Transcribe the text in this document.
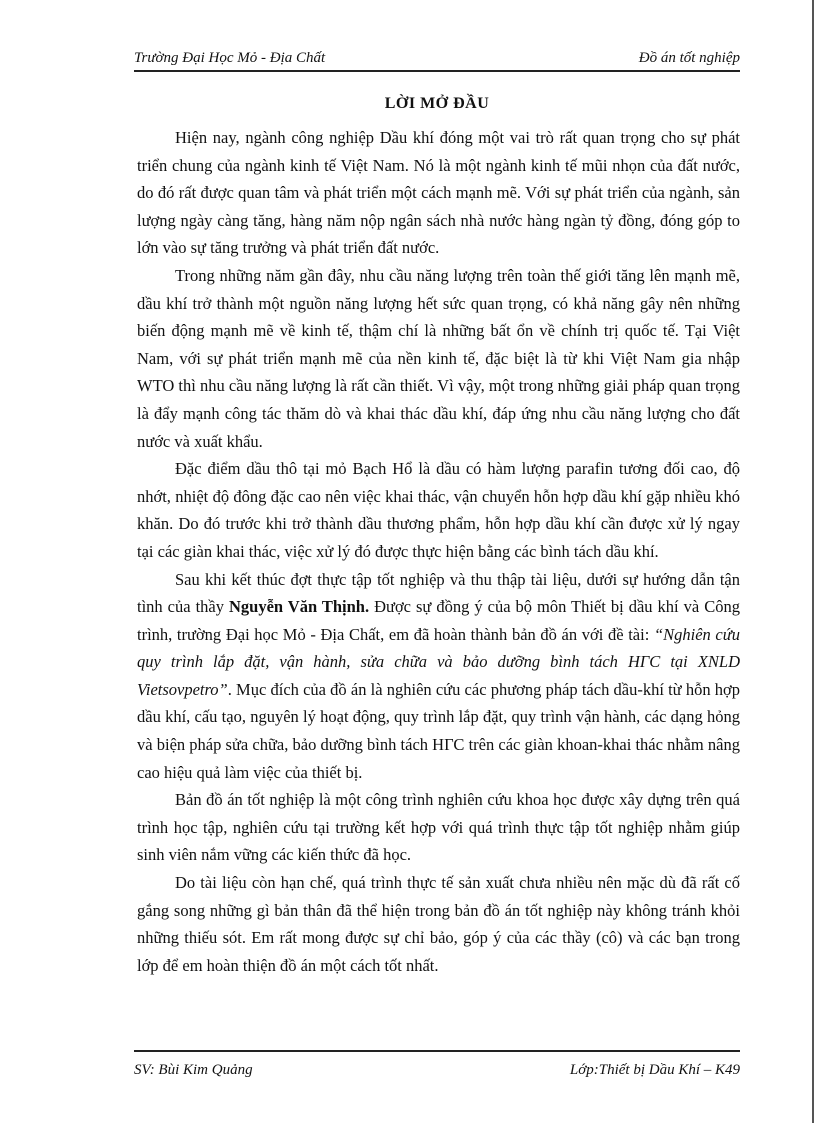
Trường Đại Học Mỏ - Địa Chất	Đồ án tốt nghiệp
LỜI MỞ ĐẦU

Hiện nay, ngành công nghiệp Dầu khí đóng một vai trò rất quan trọng cho sự phát triển chung của ngành kinh tế Việt Nam. Nó là một ngành kinh tế mũi nhọn của đất nước, do đó rất được quan tâm và phát triển một cách mạnh mẽ. Với sự phát triển của ngành, sản lượng ngày càng tăng, hàng năm nộp ngân sách nhà nước hàng ngàn tỷ đồng, đóng góp to lớn vào sự tăng trưởng và phát triển đất nước.

Trong những năm gần đây, nhu cầu năng lượng trên toàn thế giới tăng lên mạnh mẽ, dầu khí trở thành một nguồn năng lượng hết sức quan trọng, có khả năng gây nên những biến động mạnh mẽ về kinh tế, thậm chí là những bất ổn về chính trị quốc tế. Tại Việt Nam, với sự phát triển mạnh mẽ của nền kinh tế, đặc biệt là từ khi Việt Nam gia nhập WTO thì nhu cầu năng lượng là rất cần thiết. Vì vậy, một trong những giải pháp quan trọng là đẩy mạnh công tác thăm dò và khai thác dầu khí, đáp ứng nhu cầu năng lượng cho đất nước và xuất khẩu.

Đặc điểm dầu thô tại mỏ Bạch Hổ là dầu có hàm lượng parafin tương đối cao, độ nhớt, nhiệt độ đông đặc cao nên việc khai thác, vận chuyển hỗn hợp dầu khí gặp nhiều khó khăn. Do đó trước khi trở thành dầu thương phẩm, hỗn hợp dầu khí cần được xử lý ngay tại các giàn khai thác, việc xử lý đó được thực hiện bằng các bình tách dầu khí.

Sau khi kết thúc đợt thực tập tốt nghiệp và thu thập tài liệu, dưới sự hướng dẫn tận tình của thầy Nguyễn Văn Thịnh. Được sự đồng ý của bộ môn Thiết bị dầu khí và Công trình, trường Đại học Mỏ - Địa Chất, em đã hoàn thành bản đồ án với đề tài: “Nghiên cứu quy trình lắp đặt, vận hành, sửa chữa và bảo dưỡng bình tách НГС tại XNLD Vietsovpetro”. Mục đích của đồ án là nghiên cứu các phương pháp tách dầu-khí từ hỗn hợp dầu khí, cấu tạo, nguyên lý hoạt động, quy trình lắp đặt, quy trình vận hành, các dạng hỏng và biện pháp sửa chữa, bảo dưỡng bình tách НГС trên các giàn khoan-khai thác nhằm nâng cao hiệu quả làm việc của thiết bị.

Bản đồ án tốt nghiệp là một công trình nghiên cứu khoa học được xây dựng trên quá trình học tập, nghiên cứu tại trường kết hợp với quá trình thực tập tốt nghiệp nhằm giúp sinh viên nắm vững các kiến thức đã học.

Do tài liệu còn hạn chế, quá trình thực tế sản xuất chưa nhiều nên mặc dù đã rất cố gắng song những gì bản thân đã thể hiện trong bản đồ án tốt nghiệp này không tránh khỏi những thiếu sót. Em rất mong được sự chỉ bảo, góp ý của các thầy (cô) và các bạn trong lớp để em hoàn thiện đồ án một cách tốt nhất.

SV: Bùi Kim Quảng	Lớp:Thiết bị Dầu Khí – K49
